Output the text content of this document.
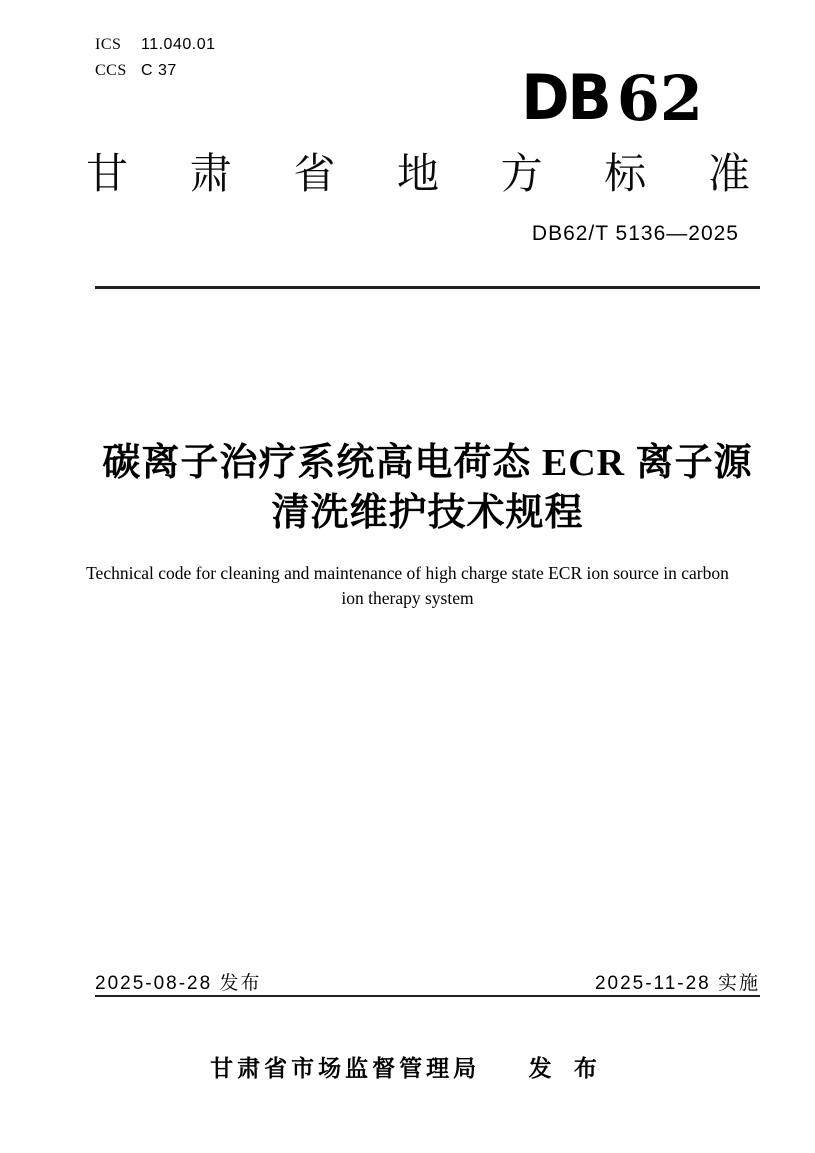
ICS 11.040.01
CCS C 37	DB 62
甘 肃 省 地 方 标 准
DB62/T 5136—2025
碳离子治疗系统高电荷态 ECR 离子源
清洗维护技术规程
Technical code for cleaning and maintenance of high charge state ECR ion source in carbon ion therapy system
2025-08-28 发布	2025-11-28 实施
甘肃省市场监督管理局 发 布
